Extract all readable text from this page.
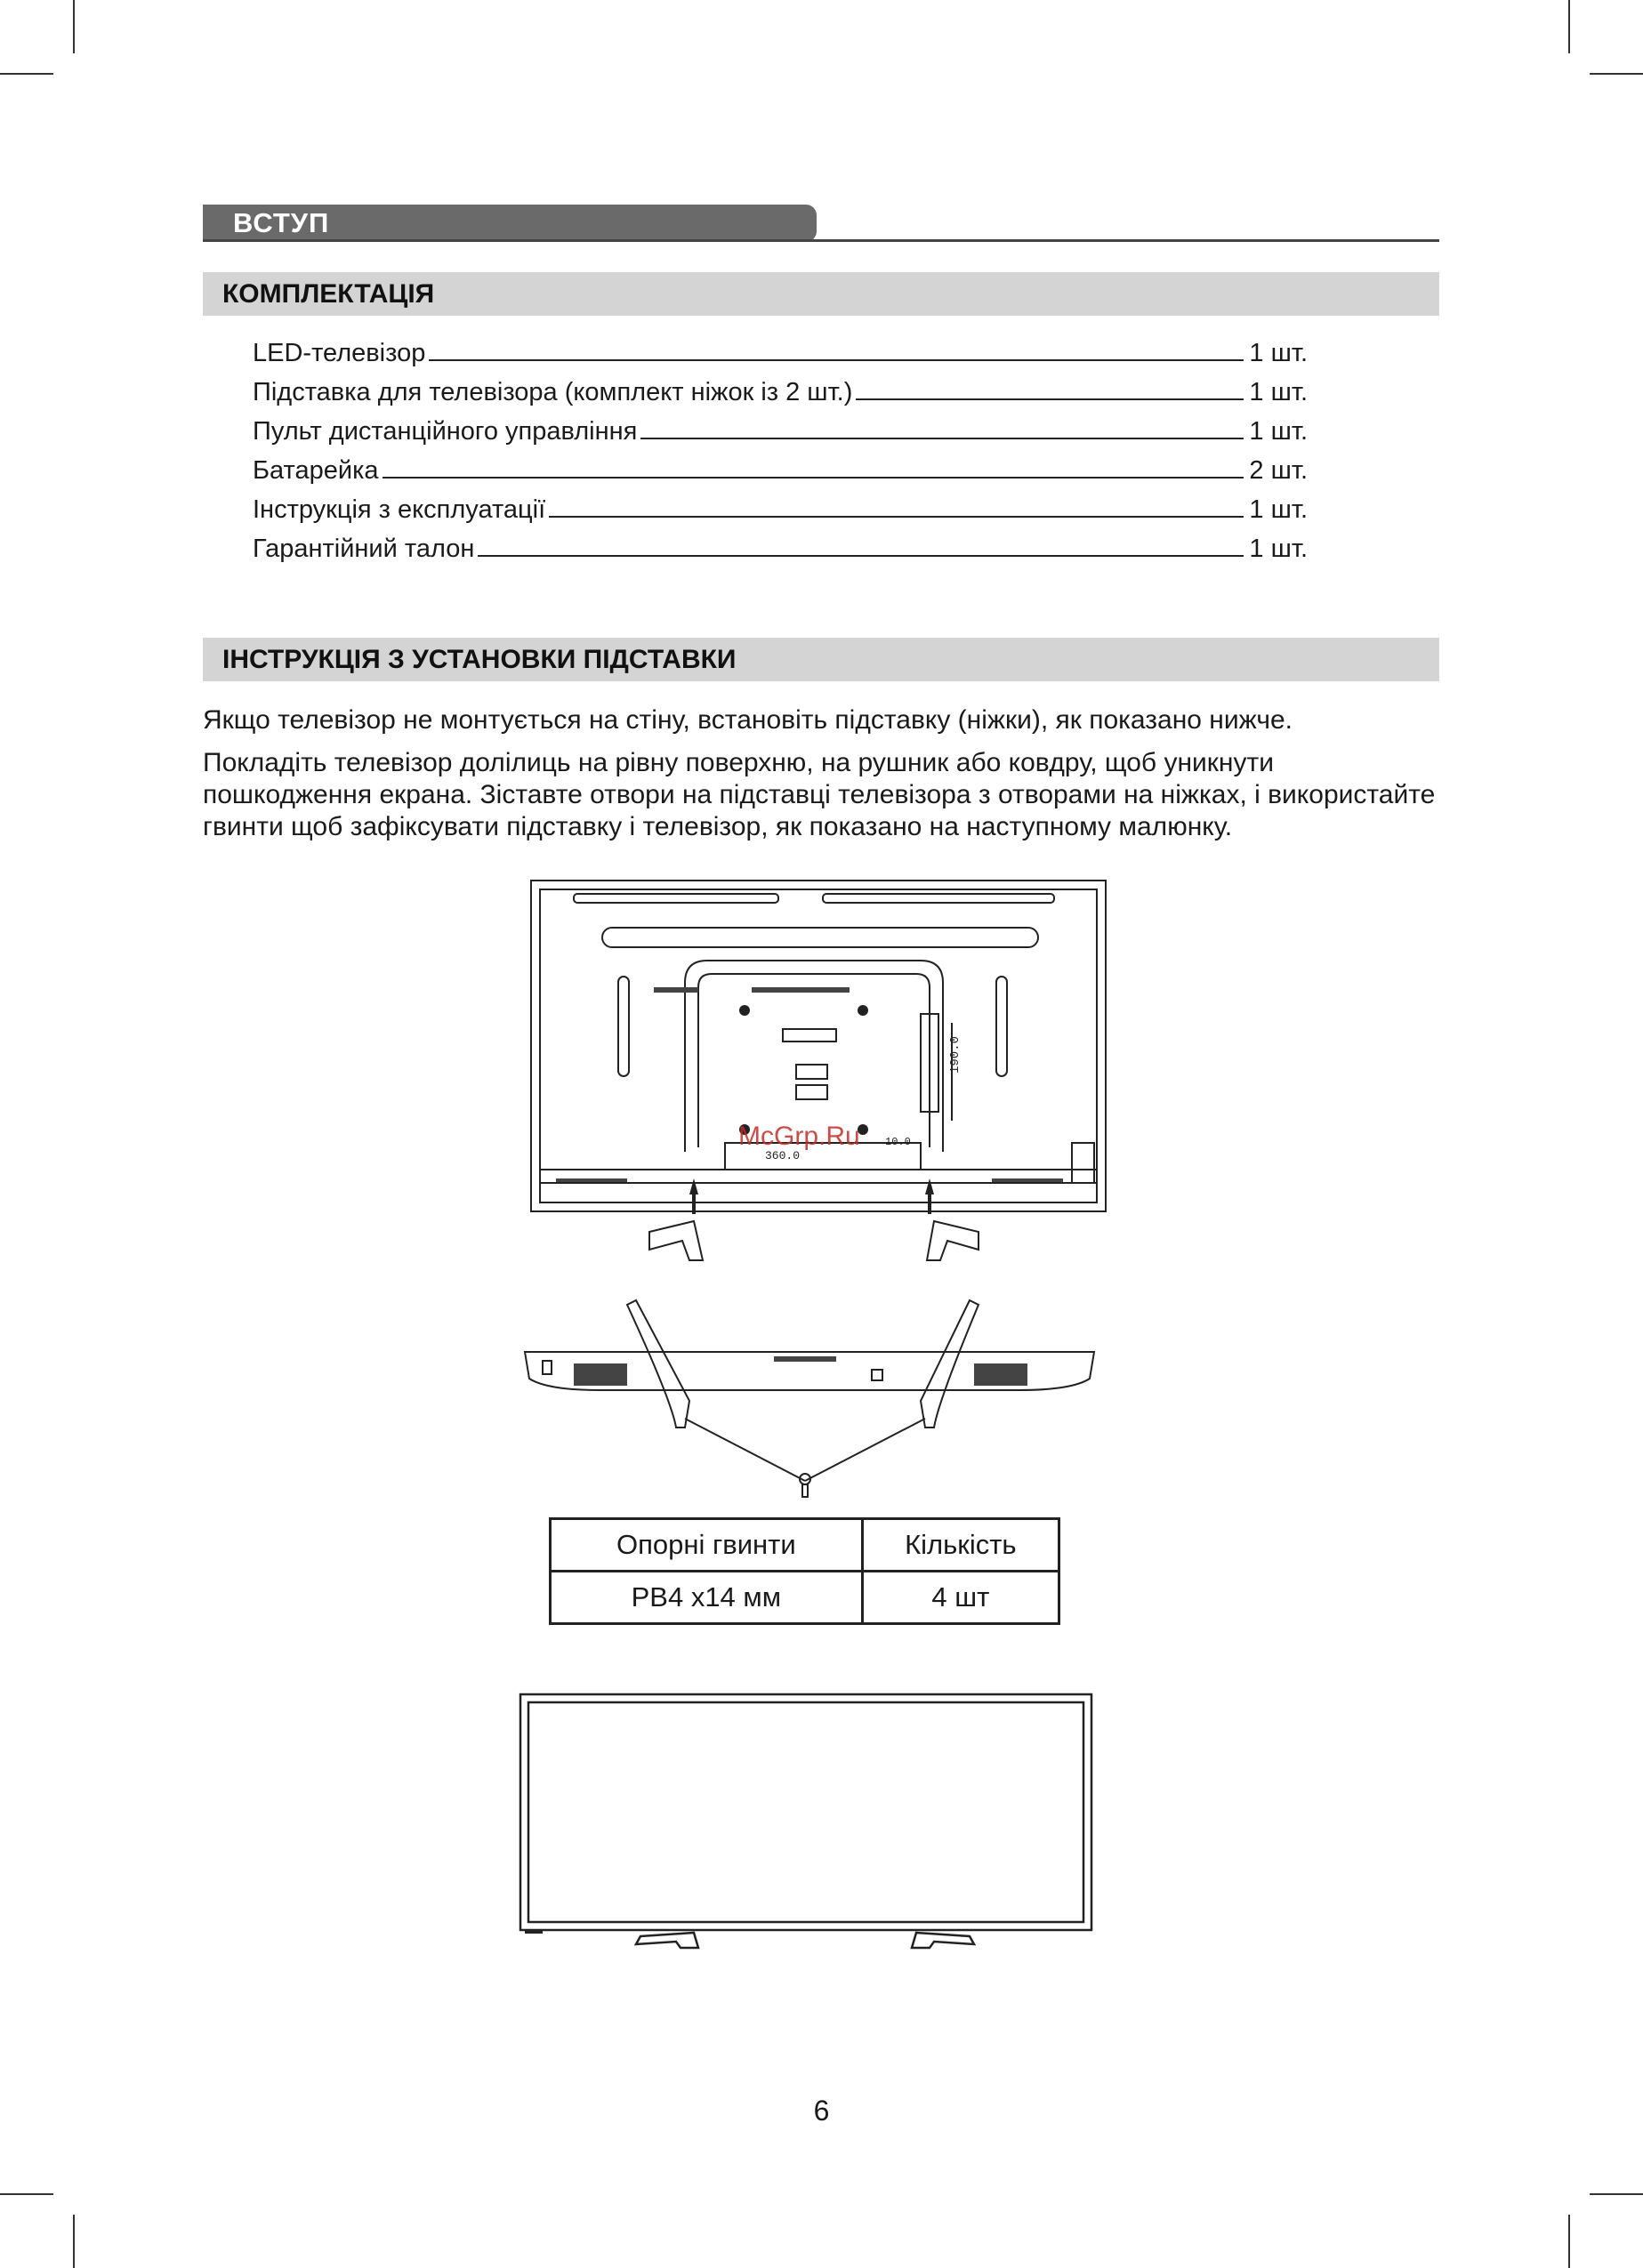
ВСТУП
КОМПЛЕКТАЦІЯ
LED-телевізор	1 шт.
Підставка для телевізора (комплект ніжок із 2 шт.)	1 шт.
Пульт дистанційного управління	1 шт.
Батарейка	2 шт.
Інструкція з експлуатації	1 шт.
Гарантійний талон	1 шт.
ІНСТРУКЦІЯ З УСТАНОВКИ ПІДСТАВКИ

Якщо телевізор не монтується на стіну, встановіть підставку (ніжки), як показано нижче.

Покладіть телевізор долілиць на рівну поверхню, на рушник або ковдру, щоб уникнути пошкодження екрана. Зіставте отвори на підставці телевізора з отворами на ніжках, і використайте гвинти щоб зафіксувати підставку і телевізор, як показано на наступному малюнку.

190.0
360.0
10.0
McGrp.Ru
Опорні гвинти	Кількість
PB4 x14 мм	4 шт
6
